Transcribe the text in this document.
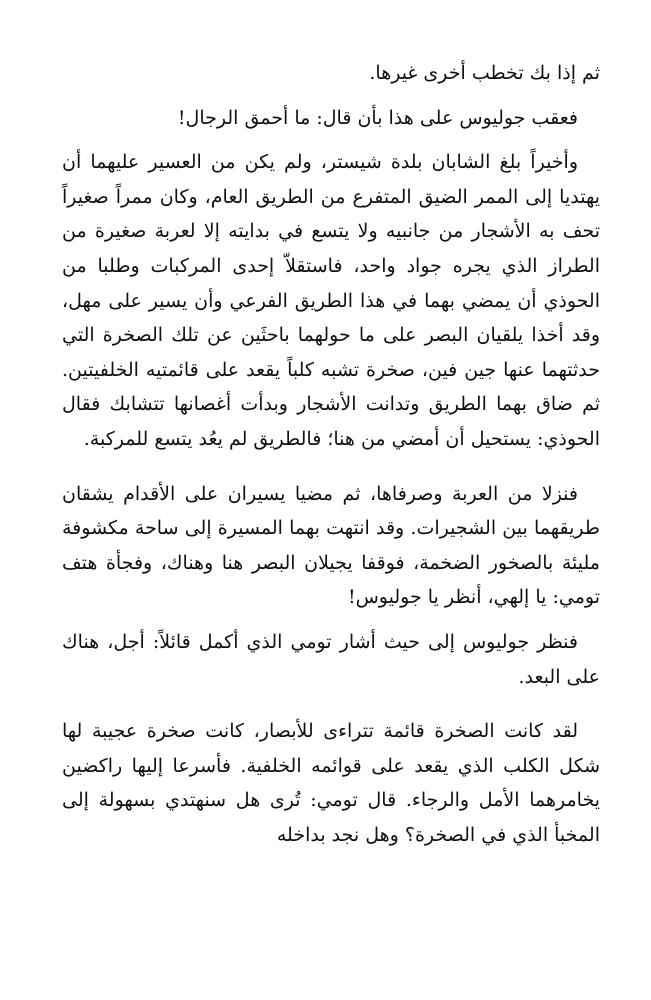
ثم إذا بك تخطب أخرى غيرها.

فعقب جوليوس على هذا بأن قال: ما أحمق الرجال!

وأخيراً بلغ الشابان بلدة شيستر، ولم يكن من العسير عليهما أن يهتديا إلى الممر الضيق المتفرع من الطريق العام، وكان ممراً صغيراً تحف به الأشجار من جانبيه ولا يتسع في بدايته إلا لعربة صغيرة من الطراز الذي يجره جواد واحد، فاستقلاّ إحدى المركبات وطلبا من الحوذي أن يمضي بهما في هذا الطريق الفرعي وأن يسير على مهل، وقد أخذا يلقيان البصر على ما حولهما باحثَين عن تلك الصخرة التي حدثتهما عنها جين فين، صخرة تشبه كلباً يقعد على قائمتيه الخلفيتين. ثم ضاق بهما الطريق وتدانت الأشجار وبدأت أغصانها تتشابك فقال الحوذي: يستحيل أن أمضي من هنا؛ فالطريق لم يعُد يتسع للمركبة.

فنزلا من العربة وصرفاها، ثم مضيا يسيران على الأقدام يشقان طريقهما بين الشجيرات. وقد انتهت بهما المسيرة إلى ساحة مكشوفة مليئة بالصخور الضخمة، فوقفا يجيلان البصر هنا وهناك، وفجأة هتف تومي: يا إلهي، أنظر يا جوليوس!

فنظر جوليوس إلى حيث أشار تومي الذي أكمل قائلاً: أجل، هناك على البعد.

لقد كانت الصخرة قائمة تتراءى للأبصار، كانت صخرة عجيبة لها شكل الكلب الذي يقعد على قوائمه الخلفية. فأسرعا إليها راكضين يخامرهما الأمل والرجاء. قال تومي: تُرى هل سنهتدي بسهولة إلى المخبأ الذي في الصخرة؟ وهل نجد بداخله
